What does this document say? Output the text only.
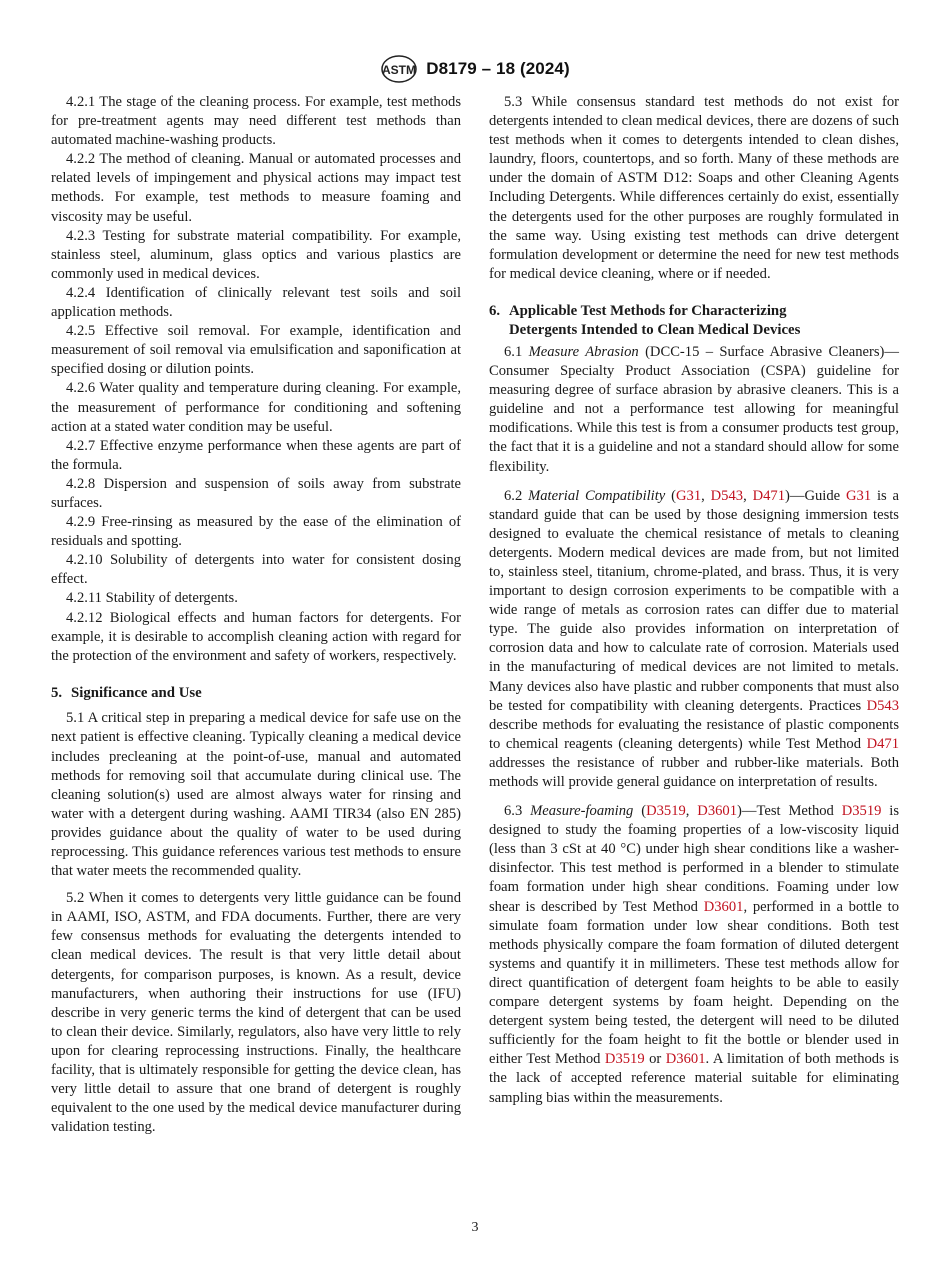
ASTM D8179 – 18 (2024)

4.2.1 The stage of the cleaning process. For example, test methods for pre-treatment agents may need different test methods than automated machine-washing products.

4.2.2 The method of cleaning. Manual or automated processes and related levels of impingement and physical actions may impact test methods. For example, test methods to measure foaming and viscosity may be useful.

4.2.3 Testing for substrate material compatibility. For example, stainless steel, aluminum, glass optics and various plastics are commonly used in medical devices.

4.2.4 Identification of clinically relevant test soils and soil application methods.

4.2.5 Effective soil removal. For example, identification and measurement of soil removal via emulsification and saponification at specified dosing or dilution points.

4.2.6 Water quality and temperature during cleaning. For example, the measurement of performance for conditioning and softening action at a stated water condition may be useful.

4.2.7 Effective enzyme performance when these agents are part of the formula.

4.2.8 Dispersion and suspension of soils away from substrate surfaces.

4.2.9 Free-rinsing as measured by the ease of the elimination of residuals and spotting.

4.2.10 Solubility of detergents into water for consistent dosing effect.

4.2.11 Stability of detergents.

4.2.12 Biological effects and human factors for detergents. For example, it is desirable to accomplish cleaning action with regard for the protection of the environment and safety of workers, respectively.

5. Significance and Use

5.1 A critical step in preparing a medical device for safe use on the next patient is effective cleaning. Typically cleaning a medical device includes precleaning at the point-of-use, manual and automated methods for removing soil that accumulate during clinical use. The cleaning solution(s) used are almost always water for rinsing and water with a detergent during washing. AAMI TIR34 (also EN 285) provides guidance about the quality of water to be used during reprocessing. This guidance references various test methods to ensure that water meets the recommended quality.

5.2 When it comes to detergents very little guidance can be found in AAMI, ISO, ASTM, and FDA documents. Further, there are very few consensus methods for evaluating the detergents intended to clean medical devices. The result is that very little detail about detergents, for comparison purposes, is known. As a result, device manufacturers, when authoring their instructions for use (IFU) describe in very generic terms the kind of detergent that can be used to clean their device. Similarly, regulators, also have very little to rely upon for clearing reprocessing instructions. Finally, the healthcare facility, that is ultimately responsible for getting the device clean, has very little detail to assure that one brand of detergent is roughly equivalent to the one used by the medical device manufacturer during validation testing.

5.3 While consensus standard test methods do not exist for detergents intended to clean medical devices, there are dozens of such test methods when it comes to detergents intended to clean dishes, laundry, floors, countertops, and so forth. Many of these methods are under the domain of ASTM D12: Soaps and other Cleaning Agents Including Detergents. While differences certainly do exist, essentially the detergents used for the other purposes are roughly formulated in the same way. Using existing test methods can drive detergent formulation development or determine the need for new test methods for medical device cleaning, where or if needed.

6. Applicable Test Methods for Characterizing
Detergents Intended to Clean Medical Devices

6.1 Measure Abrasion (DCC-15 – Surface Abrasive Cleaners)—Consumer Specialty Product Association (CSPA) guideline for measuring degree of surface abrasion by abrasive cleaners. This is a guideline and not a performance test allowing for meaningful modifications. While this test is from a consumer products test group, the fact that it is a guideline and not a standard should allow for some flexibility.

6.2 Material Compatibility (G31, D543, D471)—Guide G31 is a standard guide that can be used by those designing immersion tests designed to evaluate the chemical resistance of metals to cleaning detergents. Modern medical devices are made from, but not limited to, stainless steel, titanium, chrome-plated, and brass. Thus, it is very important to design corrosion experiments to be compatible with a wide range of metals as corrosion rates can differ due to material type. The guide also provides information on interpretation of corrosion data and how to calculate rate of corrosion. Materials used in the manufacturing of medical devices are not limited to metals. Many devices also have plastic and rubber components that must also be tested for compatibility with cleaning detergents. Practices D543 describe methods for evaluating the resistance of plastic components to chemical reagents (cleaning detergents) while Test Method D471 addresses the resistance of rubber and rubber-like materials. Both methods will provide general guidance on interpretation of results.

6.3 Measure-foaming (D3519, D3601)—Test Method D3519 is designed to study the foaming properties of a low-viscosity liquid (less than 3 cSt at 40 °C) under high shear conditions like a washer-disinfector. This test method is performed in a blender to stimulate foam formation under high shear conditions. Foaming under low shear is described by Test Method D3601, performed in a bottle to simulate foam formation under low shear conditions. Both test methods physically compare the foam formation of diluted detergent systems and quantify it in millimeters. These test methods allow for direct quantification of detergent foam heights to be able to easily compare detergent systems by foam height. Depending on the detergent system being tested, the detergent will need to be diluted sufficiently for the foam height to fit the bottle or blender used in either Test Method D3519 or D3601. A limitation of both methods is the lack of accepted reference material suitable for eliminating sampling bias within the measurements.

3
